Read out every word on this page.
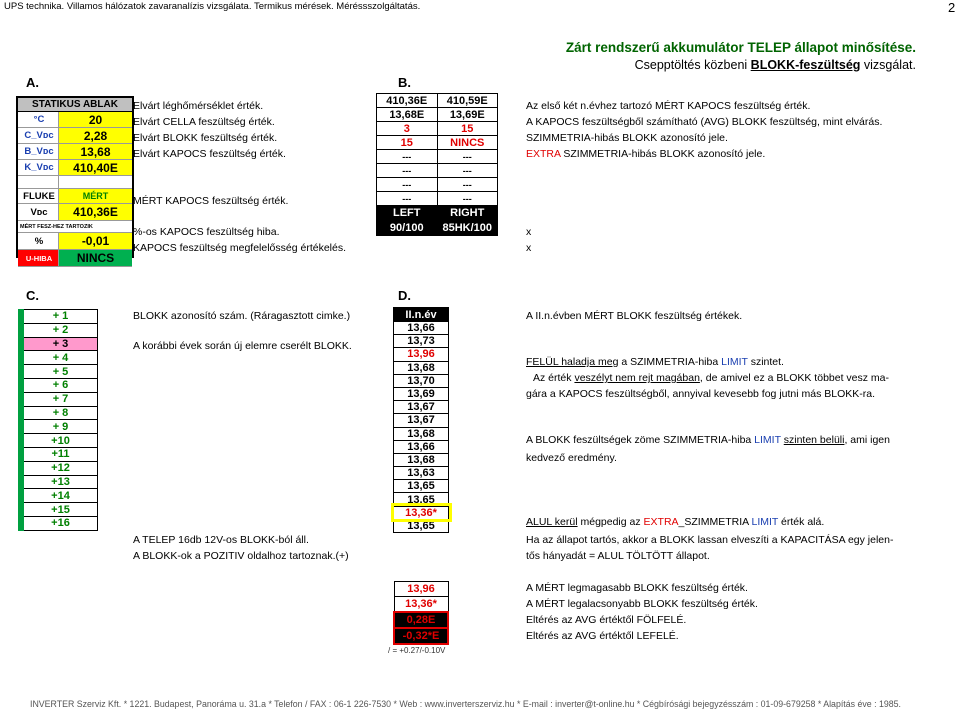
UPS technika. Villamos hálózatok zavaranalízis vizsgálata. Termikus mérések. Méréssszolgáltatás.	2
Zárt rendszerű akkumulátor TELEP állapot minősítése.
Csepptöltés közbeni BLOKK-feszültség vizsgálat.
A.	B.
C.	D.
STATIKUS ABLAK
°C	20
C_Vᴅᴄ	2,28
B_Vᴅᴄ	13,68
K_Vᴅᴄ	410,40E
FLUKE	MÉRT
Vᴅᴄ	410,36E
MÉRT FESZ-HEZ TARTOZIK
%	-0,01
U-HIBA	NINCS
Elvárt léghőmérséklet érték.
Elvárt CELLA feszültség érték.
Elvárt BLOKK feszültség érték.
Elvárt KAPOCS feszültség érték.
MÉRT KAPOCS feszültség érték.
%-os KAPOCS feszültség hiba.
KAPOCS feszültség megfelelősség értékelés.
410,36E	410,59E
13,68E	13,69E
3	15
15	NINCS
---	---
---	---
---	---
---	---
LEFT	RIGHT
90/100	85HK/100
Az első két n.évhez tartozó MÉRT KAPOCS feszültség érték.
A KAPOCS feszültségből számítható (AVG) BLOKK feszültség, mint elvárás.
SZIMMETRIA-hibás BLOKK azonosító jele.
EXTRA SZIMMETRIA-hibás BLOKK azonosító jele.
x
x
+ 1
+ 2
+ 3
+ 4
+ 5
+ 6
+ 7
+ 8
+ 9
+10
+11
+12
+13
+14
+15
+16
BLOKK azonosító szám. (Ráragasztott cimke.)
A korábbi évek során új elemre cserélt BLOKK.
A TELEP 16db 12V-os BLOKK-ból áll.
A BLOKK-ok a POZITIV oldalhoz tartoznak.(+)
II.n.év
13,66
13,73
13,96
13,68
13,70
13,69
13,67
13,67
13,68
13,66
13,68
13,63
13,65
13,65
13,36*
13,65
13,96
13,36*
0,28E
-0,32*E
/ = +0.27/-0.10V
A II.n.évben MÉRT BLOKK feszültség értékek.
FELÜL haladja meg a SZIMMETRIA-hiba LIMIT szintet.
Az érték veszélyt nem rejt magában, de amivel ez a BLOKK többet vesz ma-
gára a KAPOCS feszültségből, annyival kevesebb fog jutni más BLOKK-ra.
A BLOKK feszültségek zöme SZIMMETRIA-hiba LIMIT szinten belüli, ami igen
kedvező eredmény.
ALUL kerül mégpedig az EXTRA_SZIMMETRIA LIMIT érték alá.
Ha az állapot tartós, akkor a BLOKK lassan elveszíti a KAPACITÁSA egy jelen-
tős hányadát = ALUL TÖLTÖTT állapot.
A MÉRT legmagasabb BLOKK feszültség érték.
A MÉRT legalacsonyabb BLOKK feszültség érték.
Eltérés az AVG értéktől FÖLFELÉ.
Eltérés az AVG értéktől LEFELÉ.
INVERTER Szerviz Kft. * 1221. Budapest, Panoráma u. 31.a * Telefon / FAX : 06-1 226-7530 * Web : www.inverterszerviz.hu * E-mail : inverter@t-online.hu * Cégbírósági bejegyzésszám : 01-09-679258 * Alapítás éve : 1985.
